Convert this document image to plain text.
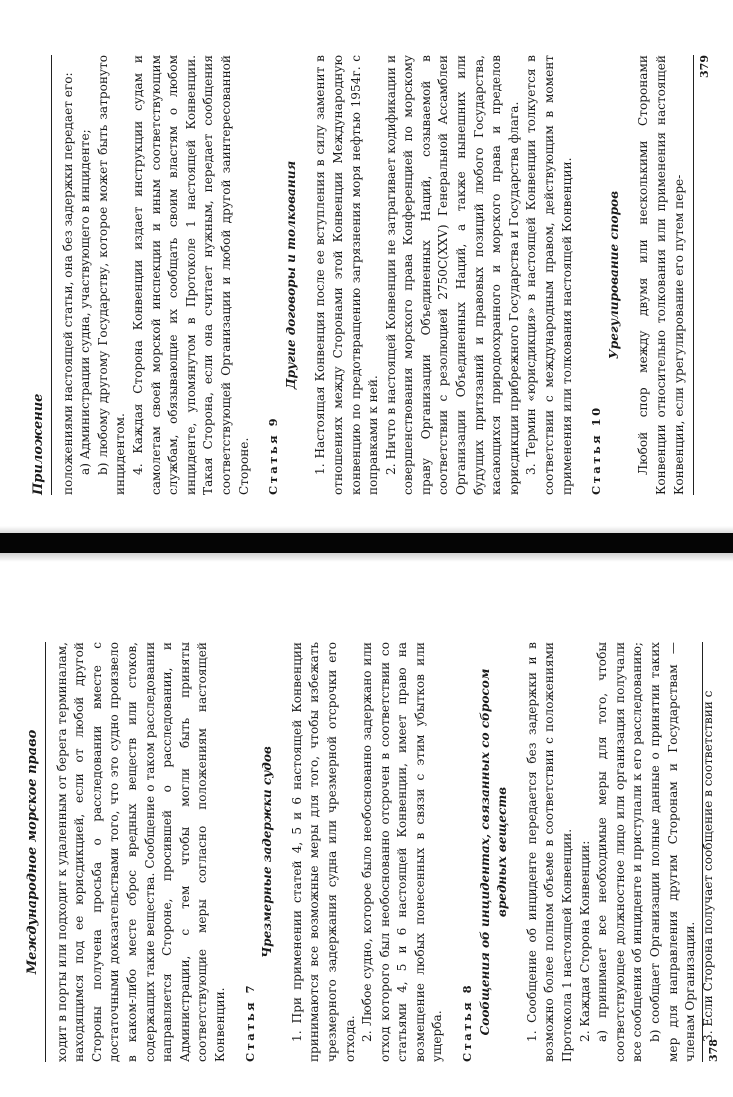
Международное морское право	ходит в порты или подходит к удаленным от берега терминалам, находящимся под ее юрисдикцией, если от любой другой Стороны получена просьба о расследовании вместе с достаточными доказательствами того, что это судно произвело в каком-либо месте сброс вредных веществ или стоков, содержащих такие вещества. Сообщение о таком расследовании направляется Стороне, просившей о расследовании, и Администрации, с тем чтобы могли быть приняты соответствующие меры согласно положениям настоящей Конвенции. Статья 7
Чрезмерные задержки судов 1. При применении статей 4, 5 и 6 настоящей Конвенции принимаются все возможные меры для того, чтобы избежать чрезмерного задержания судна или чрезмерной отсрочки его отхода. 2. Любое судно, которое было необоснованно задержано или отход которого был необоснованно отсрочен в соответствии со статьями 4, 5 и 6 настоящей Конвенции, имеет право на возмещение любых понесенных в связи с этим убытков или ущерба. Статья 8 Сообщения об инцидентах, связанных со сбросом вредных веществ 1. Сообщение об инциденте передается без задержки и в возможно более полном объеме в соответствии с положениями Протокола 1 настоящей Конвенции. 2. Каждая Сторона Конвенции: a) принимает все необходимые меры для того, чтобы соответствующее должностное лицо или организация получали все сообщения об инциденте и приступали к его расследованию; b) сообщает Организации полные данные о принятии таких мер для направления другим Сторонам и Государствам — членам Организации. 3. Если Сторона получает сообщение в соответствии с

378
Приложение	положениями настоящей статьи, она без задержки передает его: a) Администрации судна, участвующего в инциденте; b) любому другому Государству, которое может быть затронуто инцидентом. 4. Каждая Сторона Конвенции издает инструкции судам и самолетам своей морской инспекции и иным соответствующим службам, обязывающие их сообщать своим властям о любом инциденте, упомянутом в Протоколе 1 настоящей Конвенции. Такая Сторона, если она считает нужным, передает сообщения соответствующей Организации и любой другой заинтересованной Стороне. Статья 9
Другие договоры и толкования 1. Настоящая Конвенция после ее вступления в силу заменит в отношениях между Сторонами этой Конвенции Международную конвенцию по предотвращению загрязнения моря нефтью 1954г. с поправками к ней. 2. Ничто в настоящей Конвенции не затрагивает кодификации и совершенствования морского права Конференцией по морскому праву Организации Объединенных Наций, созываемой в соответствии с резолюцией 2750С(XXV) Генеральной Ассамблеи Организации Объединенных Наций, а также нынешних или будущих притязаний и правовых позиций любого Государства, касающихся природоохранного и морского права и пределов юрисдикции прибрежного Государства и Государства флага. 3. Термин «юрисдикция» в настоящей Конвенции толкуется в соответствии с международным правом, действующим в момент применения или толкования настоящей Конвенции. Статья 10
Урегулирование споров Любой спор между двумя или несколькими Сторонами Конвенции относительно толкования или применения настоящей Конвенции, если урегулирование его путем пере-

379
